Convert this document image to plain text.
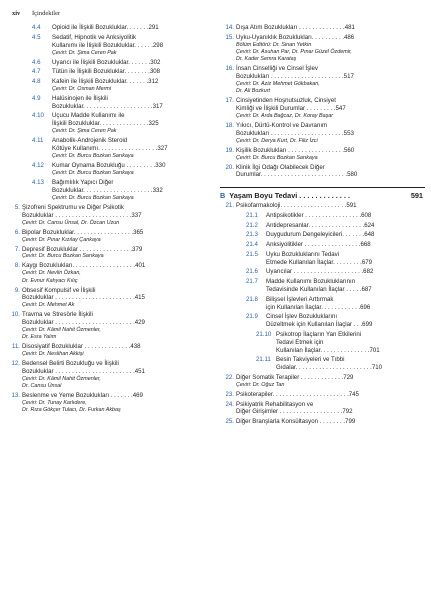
xiv İçindekiler
4.4	Opioid ile İlişkili Bozukluklar. . . . . . .291
4.5	Sedatif, Hipnotik ve Anksiyolitik
Kullanımı ile İlişkili Bozukluklar. . . . . .298
Çeviri: Dr. Şima Ceren Pak
4.6	Uyarıcı ile İlişkili Bozukluklar. . . . . . .302
4.7	Tütün ile İlişkili Bozukluklar. . . . . . . .308
4.8	Kafein ile İlişkili Bozukluklar. . . . . . .312
Çeviri: Dr. Osman Mermi
4.9	Halüsinojen ile İlişkili
Bozukluklar. . . . . . . . . . . . . . . . . . . . .317
4.10	Uçucu Madde Kullanımı ile
İlişkili Bozukluklar. . . . . . . . . . . . . . .325
Çeviri: Dr. Şima Ceren Pak
4.11	Anabolik-Androjenik Steroid
Kötüye Kullanımı. . . . . . . . . . . . . . . . . .327
Çeviri: Dr. Burcu Bozkan Sarıkaya
4.12	Kumar Oynama Bozukluğu . . . . . . . . .330
Çeviri: Dr. Burcu Bozkan Sarıkaya
4.13	Bağımlılık Yapıcı Diğer
Bozukluklar. . . . . . . . . . . . . . . . . . . . .332
Çeviri: Dr. Burcu Bozkan Sarıkaya
5. Şizofreni Spektrumu ve Diğer Psikotik
Bozukluklar . . . . . . . . . . . . . . . . . . . . . . .337
Çeviri: Dr. Cansu Ünsal, Dr. Özcan Uzun
6. Bipolar Bozukluklar. . . . . . . . . . . . . . . . . .365
Çeviri: Dr. Pınar Kızılay Çankaya
7. Depresif Bozukluklar . . . . . . . . . . . . . . . .379
Çeviri: Dr. Burcu Bozkan Sarıkaya
8. Kaygı Bozuklukları. . . . . . . . . . . . . . . . . . .401
Çeviri: Dr. Nevlin Özkan,
Dr. Evnur Kahyacı Kılıç
9. Obsesif Kompulsif ve İlişkili
Bozukluklar . . . . . . . . . . . . . . . . . . . . . . . .415
Çeviri: Dr. Mehmet Ak
10. Travma ve Stresörle İlişkili
Bozukluklar . . . . . . . . . . . . . . . . . . . . . . . .429
Çeviri: Dr. Kâmil Nahit Özmenler,
Dr. Esra Yalım
11. Disosiyatif Bozukluklar . . . . . . . . . . . . . .438
Çeviri: Dr. Neslihan Akkişi
12. Bedensel Belirti Bozukluğu ve İlişkili
Bozukluklar . . . . . . . . . . . . . . . . . . . . . . . .451
Çeviri: Dr. Kâmil Nahit Özmenler,
Dr. Cansu Ünsal
13. Beslenme ve Yeme Bozuklukları . . . . . . .469
Çeviri: Dr. Tunay Karlıdere,
Dr. Rıza Gökçer Tulacı, Dr. Furkan Akbaş
14. Dışa Atım Bozuklukları . . . . . . . . . . . . . .481
15. Uyku-Uyanıklık Bozuklukları. . . . . . . . . .486
Bölüm Editörü: Dr. Sinan Yetkin
Çeviri: Dr. Asuhan Par, Dr. Pınar Güzel Özdemir,
Dr. Kader Semra Karataş
16. İnsan Cinselliği ve Cinsel İşlev
Bozuklukları . . . . . . . . . . . . . . . . . . . . . .517
Çeviri: Dr. Aziz Mehmet Gökbakan,
Dr. Ali Bozkurt
17. Cinsiyetinden Hoşnutsuzluk, Cinsiyet
Kimliği ve İlişkili Durumlar . . . . . . . . .547
Çeviri: Dr. Arda Bağcaz, Dr. Koray Başar
18. Yıkıcı, Dürtü-Kontrol ve Davranım
Bozuklukları . . . . . . . . . . . . . . . . . . . . . .553
Çeviri: Dr. Derya Kurt, Dr. Filiz İzci
19. Kişilik Bozuklukları . . . . . . . . . . . . . . . . .560
Çeviri: Dr. Burcu Bozkan Sarıkaya
20. Klinik İlgi Odağı Olabilecek Diğer
Durumlar. . . . . . . . . . . . . . . . . . . . . . . . . .580
B Yaşam Boyu Tedavi . . . . . . . . . . . . .	591
21. Psikofarmakoloji. . . . . . . . . . . . . . . . . . . .591
21.1	Antipsikotikler . . . . . . . . . . . . . . . . .608
21.2	Antidepresanlar. . . . . . . . . . . . . . . . .624
21.3	Duygudurum Dengeleyicileri. . . . . . .648
21.4	Anksiyolitikler . . . . . . . . . . . . . . . . .668
21.5	Uyku Bozukluklarını Tedavi
Etmede Kullanılan İlaçlar. . . . . . . . .679
21.6	Uyarıcılar . . . . . . . . . . . . . . . . . . . . .682
21.7	Madde Kullanımı Bozukluklarının
Tedavisinde Kullanılan İlaçlar . . . . .687
21.8	Bilişsel İşlevleri Arttırmak
için Kullanılan İlaçlar. . . . . . . . . . . .696
21.9	Cinsel İşlev Bozukluklarını
Düzeltmek için Kullanılan İlaçlar . . .699
21.10 Psikotrop İlaçların Yan Etkilerini
Tedavi Etmek için
Kullanılan İlaçlar. . . . . . . . . . . . . . .701
21.11 Besin Takviyeleri ve Tıbbi
Gıdalar. . . . . . . . . . . . . . . . . . . . . . .710
22. Diğer Somatik Terapiler . . . . . . . . . . . . .729
Çeviri: Dr. Oğuz Tan
23. Psikoterapiler. . . . . . . . . . . . . . . . . . . . . . .745
24. Psikiyatrik Rehabilitasyon ve
Diğer Girişimler . . . . . . . . . . . . . . . . . . .792
25. Diğer Branşlarla Konsültasyon . . . . . . . .799
